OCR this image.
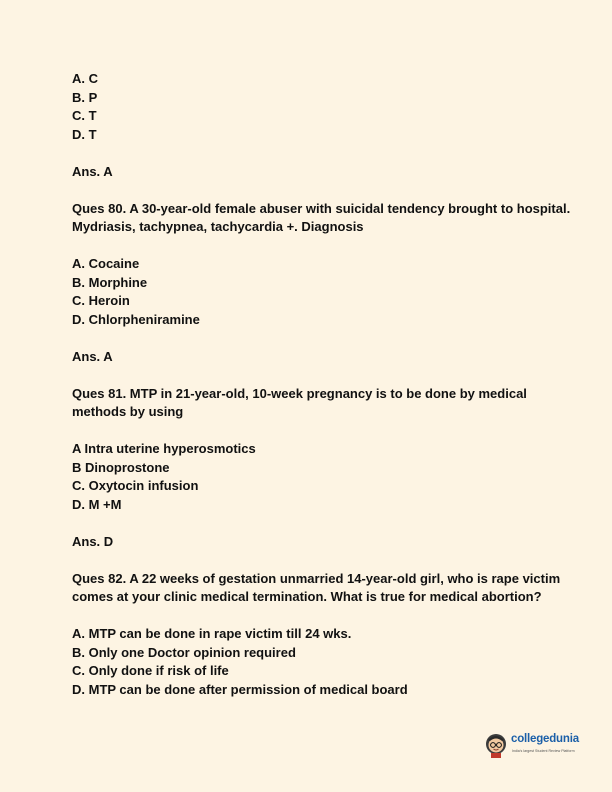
A. C
B. P
C. T
D. T
Ans. A
Ques 80. A 30-year-old female abuser with suicidal tendency brought to hospital. Mydriasis, tachypnea, tachycardia +. Diagnosis
A. Cocaine
B. Morphine
C. Heroin
D. Chlorpheniramine
Ans. A
Ques 81. MTP in 21-year-old, 10-week pregnancy is to be done by medical methods by using
A Intra uterine hyperosmotics
B Dinoprostone
C. Oxytocin infusion
D. M +M
Ans. D
Ques 82. A 22 weeks of gestation unmarried 14-year-old girl, who is rape victim comes at your clinic medical termination. What is true for medical abortion?
A. MTP can be done in rape victim till 24 wks.
B. Only one Doctor opinion required
C. Only done if risk of life
D. MTP can be done after permission of medical board
collegedunia
India's largest Student Review Platform
